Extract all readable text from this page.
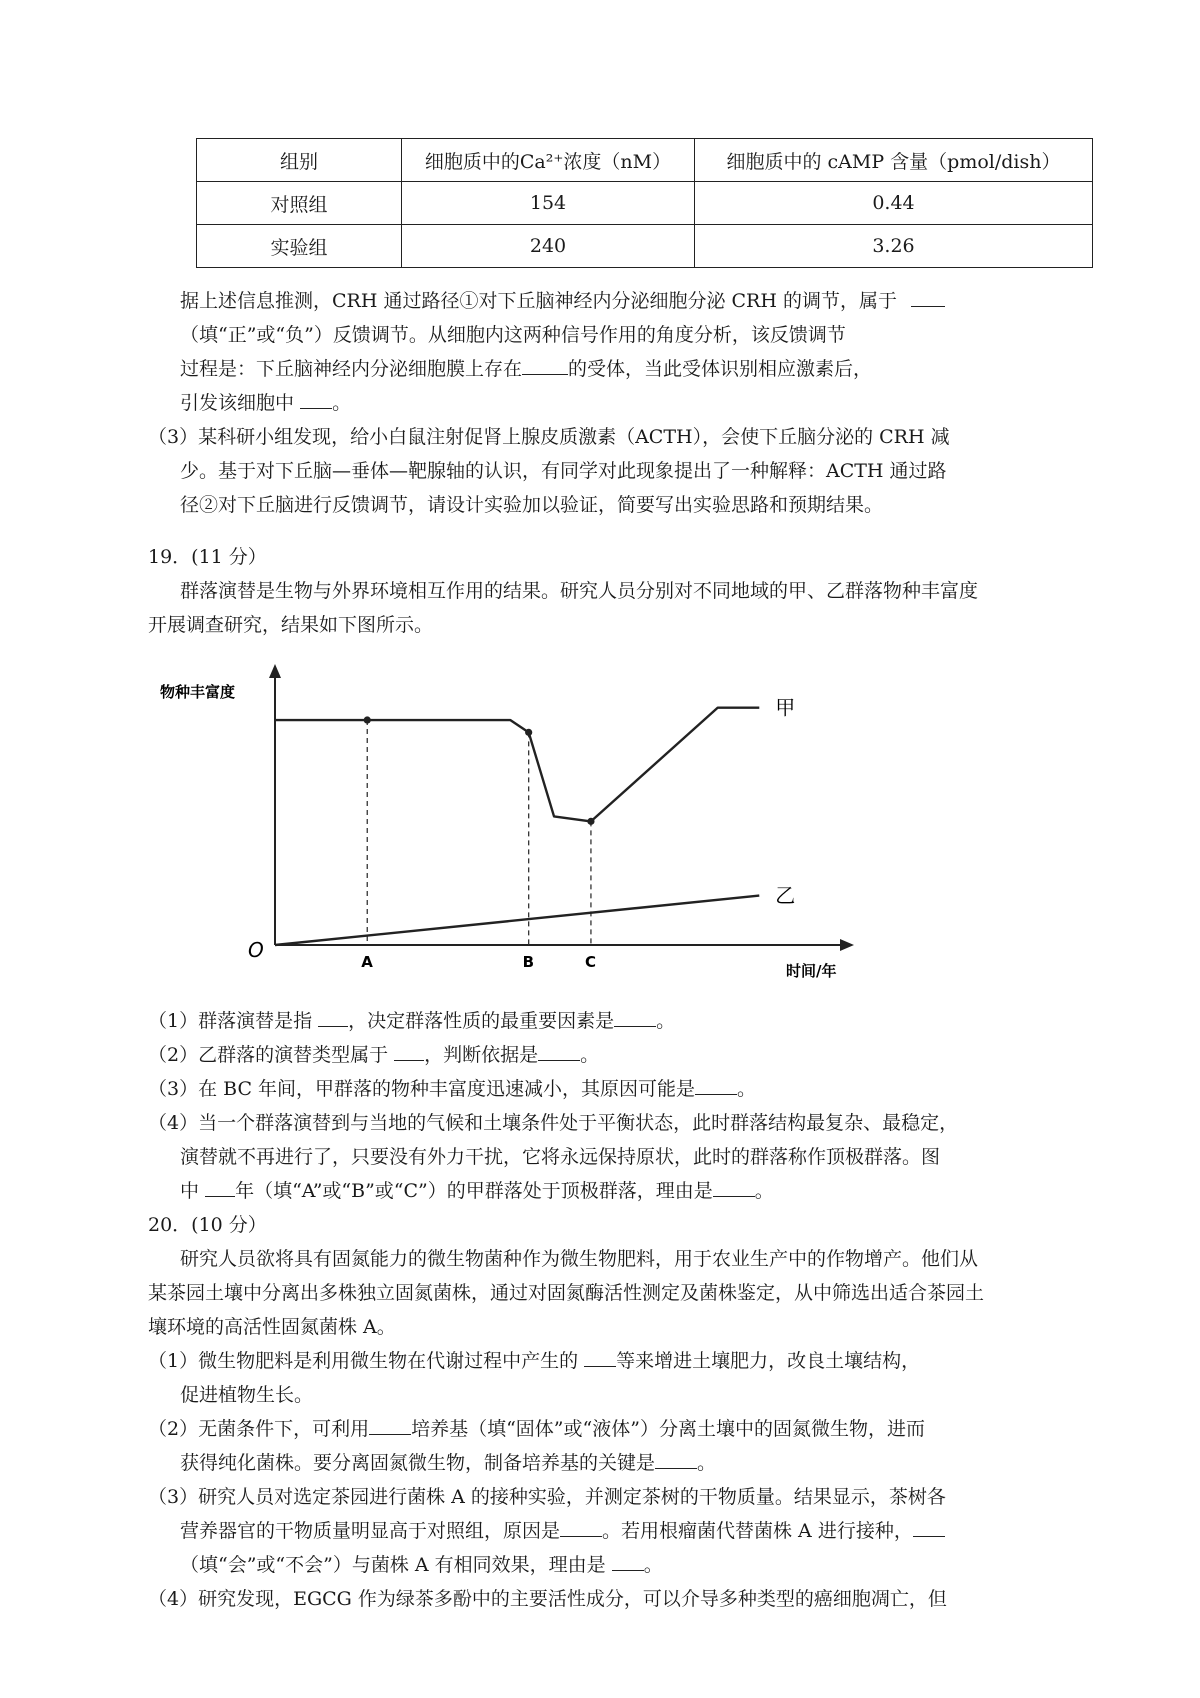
组别	细胞质中的Ca²⁺浓度（nM）	细胞质中的 cAMP 含量（pmol/dish）
对照组	154	0.44
实验组	240	3.26
据上述信息推测，CRH 通过路径①对下丘脑神经内分泌细胞分泌 CRH 的调节，属于
（填“正”或“负”）反馈调节。从细胞内这两种信号作用的角度分析，该反馈调节
过程是：下丘脑神经内分泌细胞膜上存在 的受体，当此受体识别相应激素后，
引发该细胞中 。
（3）某科研小组发现，给小白鼠注射促肾上腺皮质激素（ACTH），会使下丘脑分泌的 CRH 减
少。基于对下丘脑—垂体—靶腺轴的认识，有同学对此现象提出了一种解释：ACTH 通过路
径②对下丘脑进行反馈调节，请设计实验加以验证，简要写出实验思路和预期结果。
19．(11 分）
群落演替是生物与外界环境相互作用的结果。研究人员分别对不同地域的甲、乙群落物种丰富度
开展调查研究，结果如下图所示。
物种丰富度
时间/年
O
甲
乙
A	B	C
（1）群落演替是指 ，决定群落性质的最重要因素是 。
（2）乙群落的演替类型属于 ，判断依据是 。
（3）在 BC 年间，甲群落的物种丰富度迅速减小，其原因可能是 。
（4）当一个群落演替到与当地的气候和土壤条件处于平衡状态，此时群落结构最复杂、最稳定，
演替就不再进行了，只要没有外力干扰，它将永远保持原状，此时的群落称作顶极群落。图
中 年（填“A”或“B”或“C”）的甲群落处于顶极群落，理由是 。
20．(10 分）
研究人员欲将具有固氮能力的微生物菌种作为微生物肥料，用于农业生产中的作物增产。他们从
某茶园土壤中分离出多株独立固氮菌株，通过对固氮酶活性测定及菌株鉴定，从中筛选出适合茶园土
壤环境的高活性固氮菌株 A。
（1）微生物肥料是利用微生物在代谢过程中产生的 等来增进土壤肥力，改良土壤结构，
促进植物生长。
（2）无菌条件下，可利用 培养基（填“固体”或“液体”）分离土壤中的固氮微生物，进而
获得纯化菌株。要分离固氮微生物，制备培养基的关键是 。
（3）研究人员对选定茶园进行菌株 A 的接种实验，并测定茶树的干物质量。结果显示，茶树各
营养器官的干物质量明显高于对照组，原因是 。若用根瘤菌代替菌株 A 进行接种，
（填“会”或“不会”）与菌株 A 有相同效果，理由是 。
（4）研究发现，EGCG 作为绿茶多酚中的主要活性成分，可以介导多种类型的癌细胞凋亡，但
